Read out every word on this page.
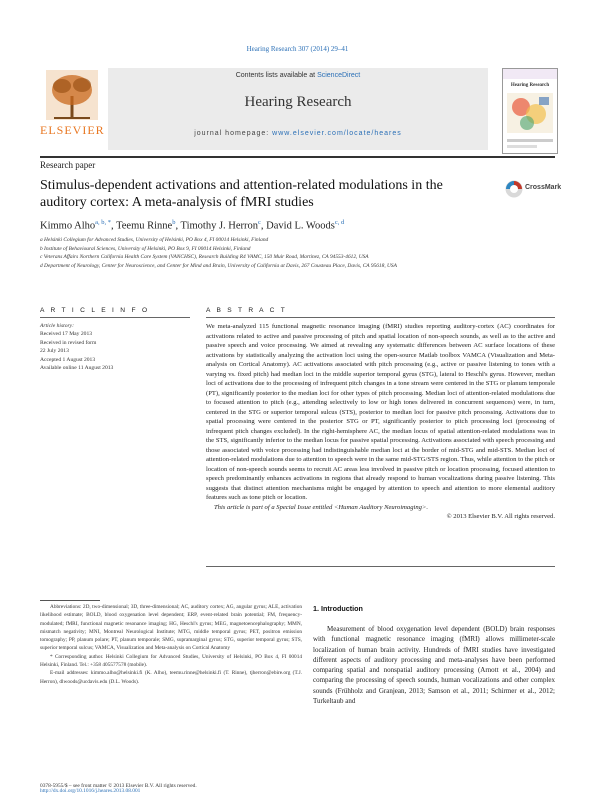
Hearing Research 307 (2014) 29–41
ELSEVIER
Contents lists available at ScienceDirect
Hearing Research
journal homepage: www.elsevier.com/locate/heares
Hearing Research
Research paper
Stimulus-dependent activations and attention-related modulations in the auditory cortex: A meta-analysis of fMRI studies
CrossMark
Kimmo Alho$^{a, b, *}$, Teemu Rinne$^b$, Timothy J. Herron$^c$, David L. Woods$^{c, d}$

a Helsinki Collegium for Advanced Studies, University of Helsinki, PO Box 4, FI 00014 Helsinki, Finland

b Institute of Behavioural Sciences, University of Helsinki, PO Box 9, FI 00014 Helsinki, Finland

c Veterans Affairs Northern California Health Care System (VANCHSC), Research Building R4 VAMC, 150 Muir Road, Martinez, CA 94553-4612, USA

d Department of Neurology, Center for Neuroscience, and Center for Mind and Brain, University of California at Davis, 267 Cousteau Place, Davis, CA 95618, USA

A R T I C L E I N F O	A B S T R A C T
Article history:
Received 17 May 2013
Received in revised form
22 July 2013
Accepted 1 August 2013
Available online 11 August 2013

We meta-analyzed 115 functional magnetic resonance imaging (fMRI) studies reporting auditory-cortex (AC) coordinates for activations related to active and passive processing of pitch and spatial location of non-speech sounds, as well as to the active and passive speech and voice processing. We aimed at revealing any systematic differences between AC surface locations of these activations by statistically analyzing the activation loci using the open-source Matlab toolbox VAMCA (Visualization and Meta-analysis on Cortical Anatomy). AC activations associated with pitch processing (e.g., active or passive listening to tones with a varying vs. fixed pitch) had median loci in the middle superior temporal gyrus (STG), lateral to Heschl's gyrus. However, median loci of activations due to the processing of infrequent pitch changes in a tone stream were centered in the STG or planum temporale (PT), significantly posterior to the median loci for other types of pitch processing. Median loci of attention-related modulations due to focused attention to pitch (e.g., attending selectively to low or high tones delivered in concurrent sequences) were, in turn, centered in the STG or superior temporal sulcus (STS), posterior to median loci for passive pitch processing. Activations due to spatial processing were centered in the posterior STG or PT, significantly posterior to pitch processing loci (processing of infrequent pitch changes excluded). In the right-hemisphere AC, the median locus of spatial attention-related modulations was in the STS, significantly inferior to the median locus for passive spatial processing. Activations associated with speech processing and those associated with voice processing had indistinguishable median loci at the border of mid-STG and mid-STS. Median loci of attention-related modulations due to attention to speech were in the same mid-STG/STS region. Thus, while attention to the pitch or location of non-speech sounds seems to recruit AC areas less involved in passive pitch or location processing, focused attention to speech predominantly enhances activations in regions that already respond to human vocalizations during passive listening. This suggests that distinct attention mechanisms might be engaged by attention to speech and attention to more elemental auditory features such as tone pitch or location.

This article is part of a Special Issue entitled <Human Auditory Neuroimaging>.

© 2013 Elsevier B.V. All rights reserved.

Abbreviations: 2D, two-dimensional; 3D, three-dimensional; AC, auditory cortex; AG, angular gyrus; ALE, activation likelihood estimate; BOLD, blood oxygenation level dependent; ERP, event-related brain potential; FM, frequency-modulated; fMRI, functional magnetic resonance imaging; HG, Heschl's gyrus; MEG, magnetoencephalography; MMN, mismatch negativity; MNI, Montreal Neurological Institute; MTG, middle temporal gyrus; PET, positron emission tomography; PP, planum polare; PT, planum temporale; SMG, supramarginal gyrus; STG, superior temporal gyrus; STS, superior temporal sulcus; VAMCA, Visualization and Meta-analysis on Cortical Anatomy

* Corresponding author. Helsinki Collegium for Advanced Studies, University of Helsinki, PO Box 4, FI 00014 Helsinki, Finland. Tel.: +358 405577578 (mobile).

E-mail addresses: kimmo.alho@helsinki.fi (K. Alho), teemu.rinne@helsinki.fi (T. Rinne), tjherron@ebire.org (T.J. Herron), dlwoods@ucdavis.edu (D.L. Woods).

1. Introduction

Measurement of blood oxygenation level dependent (BOLD) brain responses with functional magnetic resonance imaging (fMRI) allows millimeter-scale localization of human brain activity. Hundreds of fMRI studies have investigated different aspects of auditory processing and meta-analyses have been performed comparing spatial and nonspatial auditory processing (Arnott et al., 2004) and comparing the processing of speech sounds, human vocalizations and other complex sounds (Frühholz and Granjean, 2013; Samson et al., 2011; Schirmer et al., 2012; Turkeltaub and

0378-5955/$ – see front matter © 2013 Elsevier B.V. All rights reserved.
http://dx.doi.org/10.1016/j.heares.2013.08.001
